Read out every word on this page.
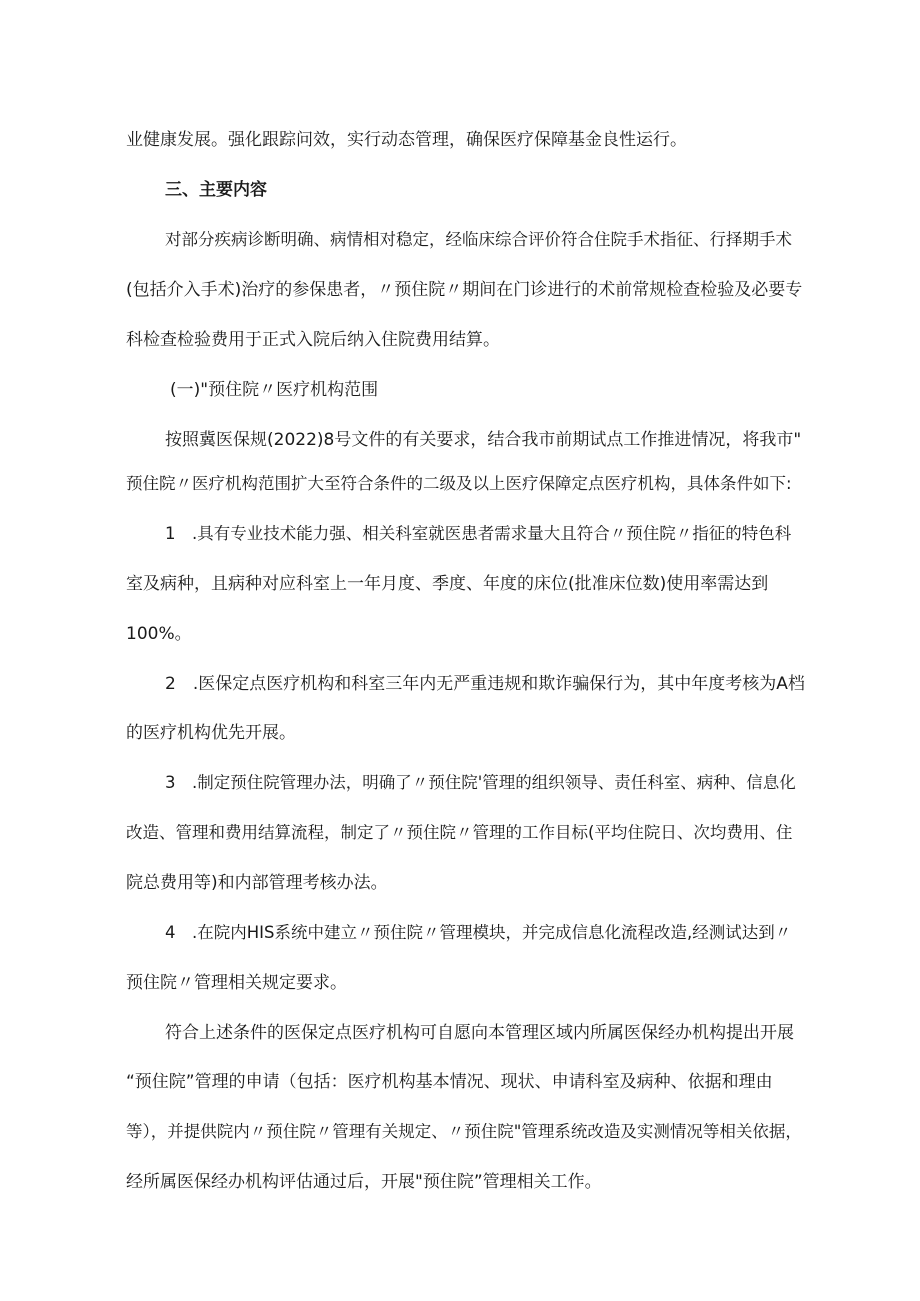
业健康发展。强化跟踪问效，实行动态管理，确保医疗保障基金良性运行。
三、主要内容
对部分疾病诊断明确、病情相对稳定，经临床综合评价符合住院手术指征、行择期手术
(包括介入手术)治疗的参保患者，〃预住院〃期间在门诊进行的术前常规检查检验及必要专
科检查检验费用于正式入院后纳入住院费用结算。
(一)"预住院〃医疗机构范围
按照冀医保规(2022)8号文件的有关要求，结合我市前期试点工作推进情况，将我市"
预住院〃医疗机构范围扩大至符合条件的二级及以上医疗保障定点医疗机构，具体条件如下:
1　.具有专业技术能力强、相关科室就医患者需求量大且符合〃预住院〃指征的特色科
室及病种，且病种对应科室上一年月度、季度、年度的床位(批准床位数)使用率需达到
100%。
2　.医保定点医疗机构和科室三年内无严重违规和欺诈骗保行为，其中年度考核为A档
的医疗机构优先开展。
3　.制定预住院管理办法，明确了〃预住院'管理的组织领导、责任科室、病种、信息化
改造、管理和费用结算流程，制定了〃预住院〃管理的工作目标(平均住院日、次均费用、住
院总费用等)和内部管理考核办法。
4　.在院内HIS系统中建立〃预住院〃管理模块，并完成信息化流程改造,经测试达到〃
预住院〃管理相关规定要求。
符合上述条件的医保定点医疗机构可自愿向本管理区域内所属医保经办机构提出开展
“预住院”管理的申请（包括：医疗机构基本情况、现状、申请科室及病种、依据和理由
等），并提供院内〃预住院〃管理有关规定、〃预住院"管理系统改造及实测情况等相关依据，
经所属医保经办机构评估通过后，开展"预住院”管理相关工作。
